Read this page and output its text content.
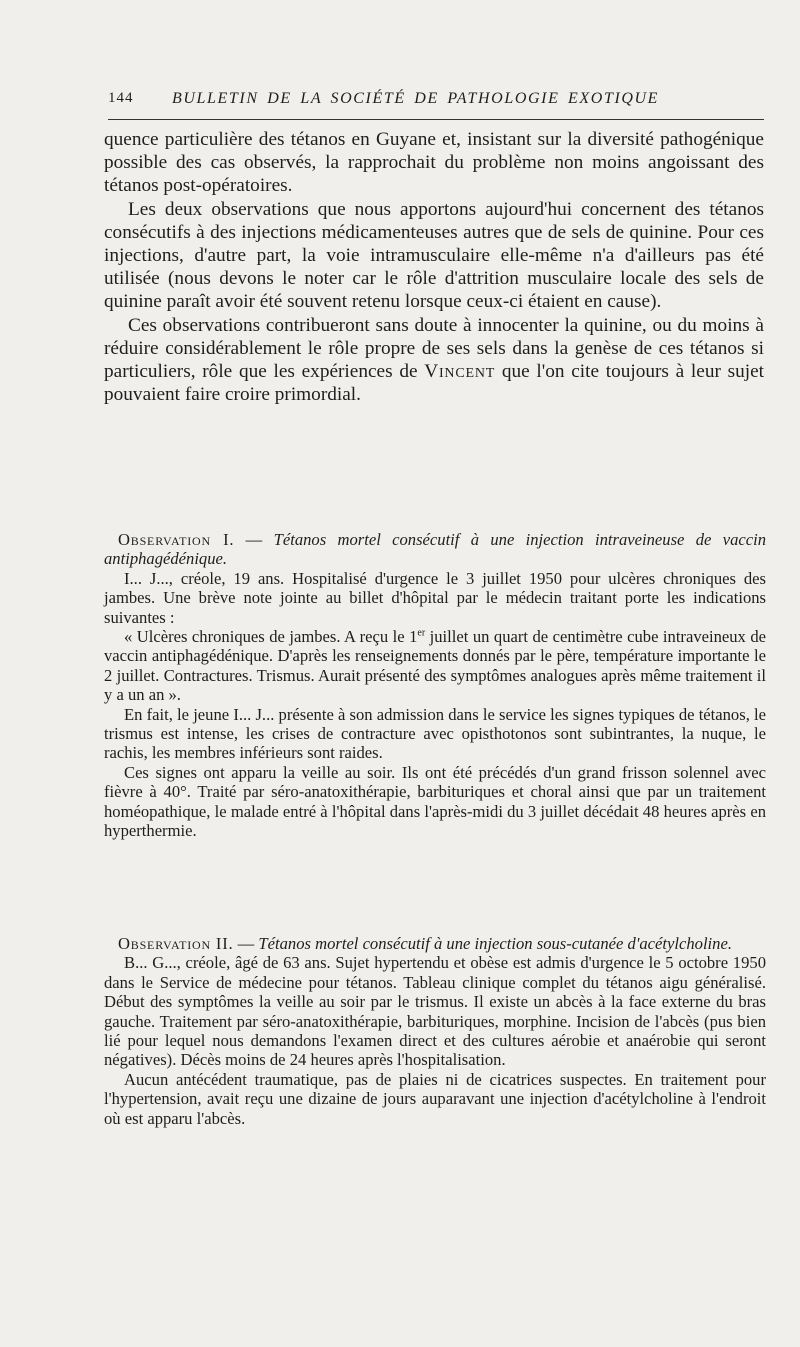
144 BULLETIN DE LA SOCIÉTÉ DE PATHOLOGIE EXOTIQUE

quence particulière des tétanos en Guyane et, insistant sur la diversité pathogénique possible des cas observés, la rapprochait du problème non moins angoissant des tétanos post-opératoires.

Les deux observations que nous apportons aujourd'hui concernent des tétanos consécutifs à des injections médicamenteuses autres que de sels de quinine. Pour ces injections, d'autre part, la voie intramusculaire elle-même n'a d'ailleurs pas été utilisée (nous devons le noter car le rôle d'attrition musculaire locale des sels de quinine paraît avoir été souvent retenu lorsque ceux-ci étaient en cause).

Ces observations contribueront sans doute à innocenter la quinine, ou du moins à réduire considérablement le rôle propre de ses sels dans la genèse de ces tétanos si particuliers, rôle que les expériences de Vincent que l'on cite toujours à leur sujet pouvaient faire croire primordial.

Observation I. — Tétanos mortel consécutif à une injection intraveineuse de vaccin antiphagédénique.

I... J..., créole, 19 ans. Hospitalisé d'urgence le 3 juillet 1950 pour ulcères chroniques des jambes. Une brève note jointe au billet d'hôpital par le médecin traitant porte les indications suivantes :

« Ulcères chroniques de jambes. A reçu le 1er juillet un quart de centimètre cube intraveineux de vaccin antiphagédénique. D'après les renseignements donnés par le père, température importante le 2 juillet. Contractures. Trismus. Aurait présenté des symptômes analogues après même traitement il y a un an ».

En fait, le jeune I... J... présente à son admission dans le service les signes typiques de tétanos, le trismus est intense, les crises de contracture avec opisthotonos sont subintrantes, la nuque, le rachis, les membres inférieurs sont raides.

Ces signes ont apparu la veille au soir. Ils ont été précédés d'un grand frisson solennel avec fièvre à 40°. Traité par séro-anatoxithérapie, barbituriques et choral ainsi que par un traitement homéopathique, le malade entré à l'hôpital dans l'après-midi du 3 juillet décédait 48 heures après en hyperthermie.

Observation II. — Tétanos mortel consécutif à une injection sous-cutanée d'acétylcholine.

B... G..., créole, âgé de 63 ans. Sujet hypertendu et obèse est admis d'urgence le 5 octobre 1950 dans le Service de médecine pour tétanos. Tableau clinique complet du tétanos aigu généralisé. Début des symptômes la veille au soir par le trismus. Il existe un abcès à la face externe du bras gauche. Traitement par séro-anatoxithérapie, barbituriques, morphine. Incision de l'abcès (pus bien lié pour lequel nous demandons l'examen direct et des cultures aérobie et anaérobie qui seront négatives). Décès moins de 24 heures après l'hospitalisation.

Aucun antécédent traumatique, pas de plaies ni de cicatrices suspectes. En traitement pour l'hypertension, avait reçu une dizaine de jours auparavant une injection d'acétylcholine à l'endroit où est apparu l'abcès.
